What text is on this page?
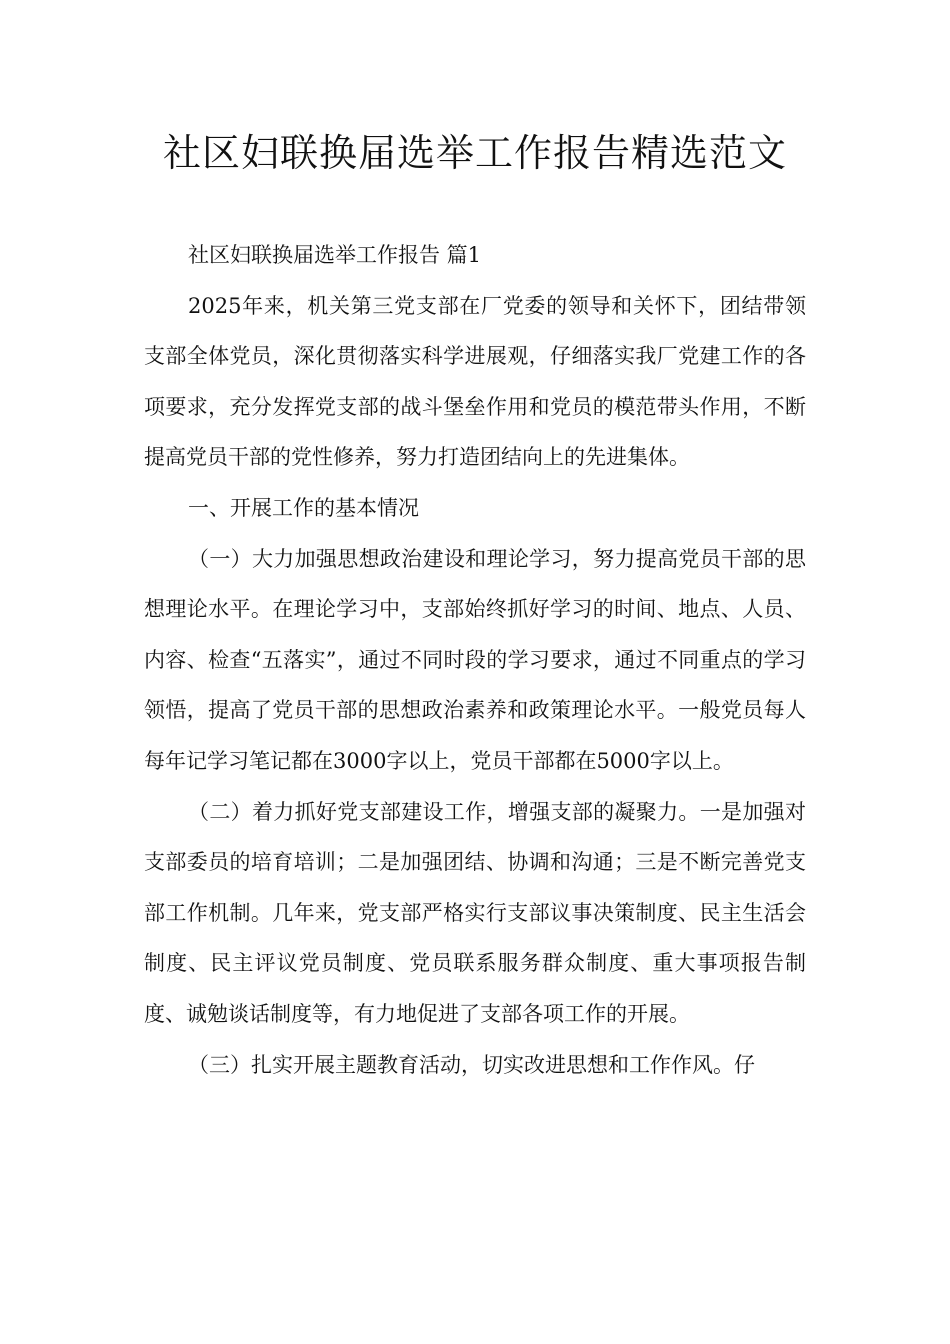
社区妇联换届选举工作报告精选范文

社区妇联换届选举工作报告 篇1

2025年来，机关第三党支部在厂党委的领导和关怀下，团结带领支部全体党员，深化贯彻落实科学进展观，仔细落实我厂党建工作的各项要求，充分发挥党支部的战斗堡垒作用和党员的模范带头作用，不断提高党员干部的党性修养，努力打造团结向上的先进集体。

一、开展工作的基本情况

（一）大力加强思想政治建设和理论学习，努力提高党员干部的思想理论水平。在理论学习中，支部始终抓好学习的时间、地点、人员、内容、检查“五落实”，通过不同时段的学习要求，通过不同重点的学习领悟，提高了党员干部的思想政治素养和政策理论水平。一般党员每人每年记学习笔记都在3000字以上，党员干部都在5000字以上。

（二）着力抓好党支部建设工作，增强支部的凝聚力。一是加强对支部委员的培育培训；二是加强团结、协调和沟通；三是不断完善党支部工作机制。几年来，党支部严格实行支部议事决策制度、民主生活会制度、民主评议党员制度、党员联系服务群众制度、重大事项报告制度、诚勉谈话制度等，有力地促进了支部各项工作的开展。

（三）扎实开展主题教育活动，切实改进思想和工作作风。仔
